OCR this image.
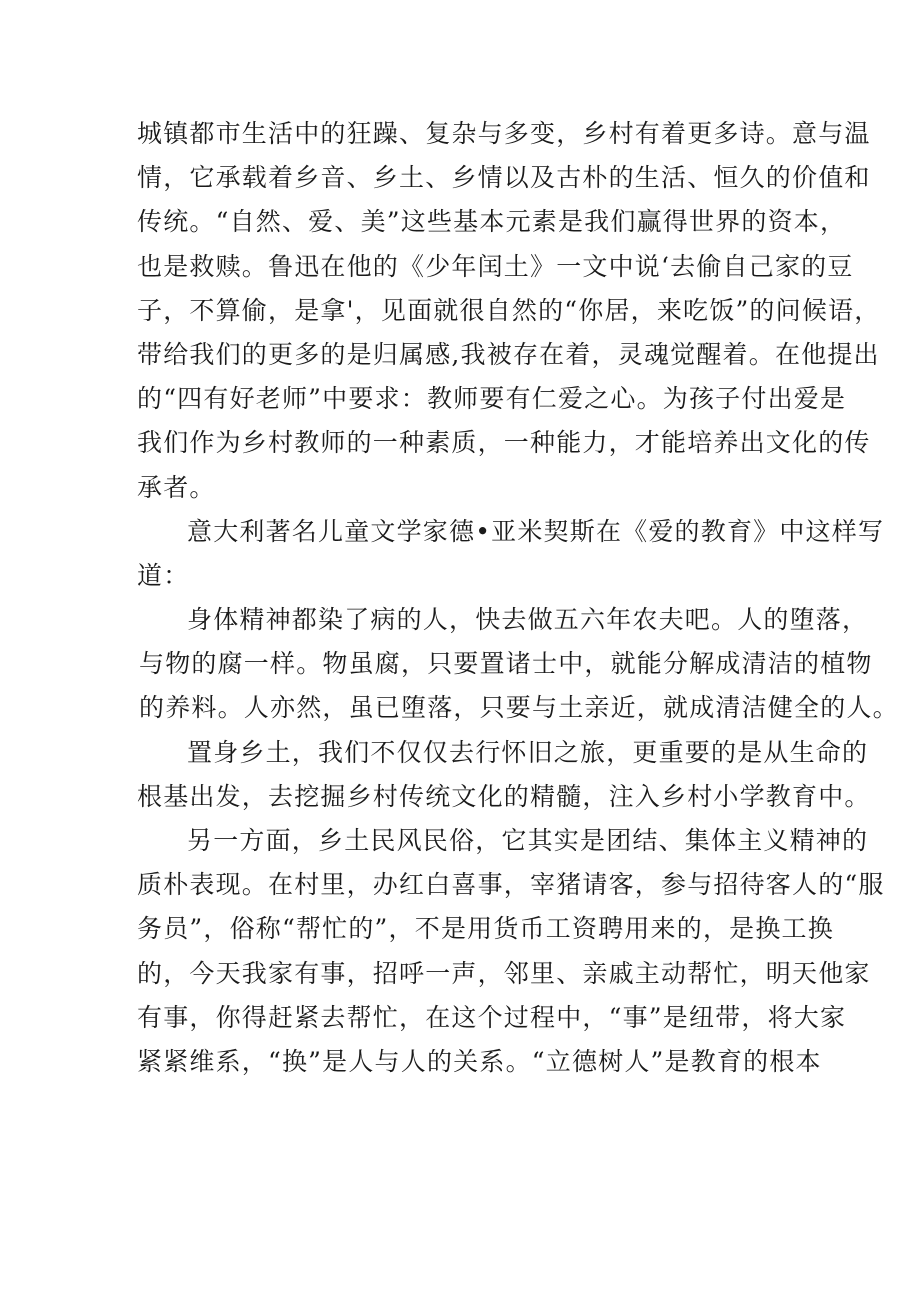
城镇都市生活中的狂躁、复杂与多变，乡村有着更多诗。意与温
情，它承载着乡音、乡土、乡情以及古朴的生活、恒久的价值和
传统。“自然、爱、美”这些基本元素是我们赢得世界的资本，
也是救赎。鲁迅在他的《少年闰土》一文中说‘去偷自己家的豆
子，不算偷，是拿'，见面就很自然的“你居，来吃饭”的问候语，
带给我们的更多的是归属感,我被存在着，灵魂觉醒着。在他提出
的“四有好老师”中要求：教师要有仁爱之心。为孩子付出爱是
我们作为乡村教师的一种素质，一种能力，才能培养出文化的传
承者。
意大利著名儿童文学家德•亚米契斯在《爱的教育》中这样写
道：
身体精神都染了病的人，快去做五六年农夫吧。人的堕落，
与物的腐一样。物虽腐，只要置诸士中，就能分解成清洁的植物
的养料。人亦然，虽已堕落，只要与土亲近，就成清洁健全的人。
置身乡土，我们不仅仅去行怀旧之旅，更重要的是从生命的
根基出发，去挖掘乡村传统文化的精髓，注入乡村小学教育中。
另一方面，乡土民风民俗，它其实是团结、集体主义精神的
质朴表现。在村里，办红白喜事，宰猪请客，参与招待客人的“服
务员”，俗称“帮忙的”，不是用货币工资聘用来的，是换工换
的，今天我家有事，招呼一声，邻里、亲戚主动帮忙，明天他家
有事，你得赶紧去帮忙，在这个过程中，“事”是纽带，将大家
紧紧维系，“换”是人与人的关系。“立德树人”是教育的根本
